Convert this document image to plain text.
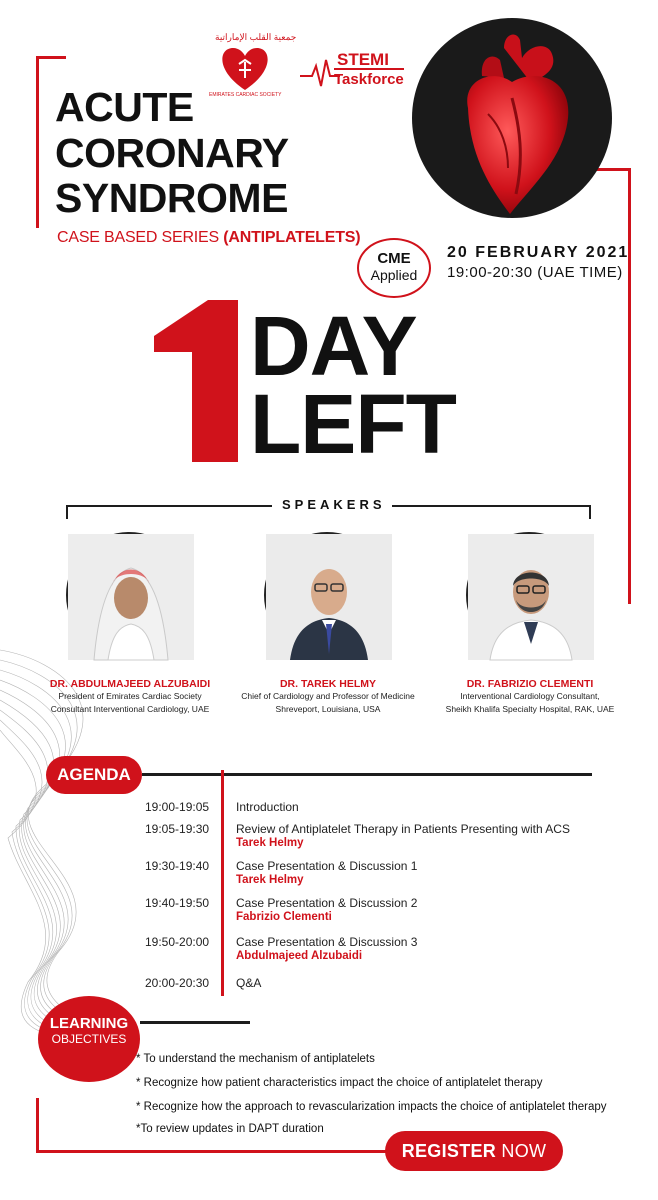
جمعية القلب الإماراتية
EMIRATES CARDIAC SOCIETY
STEMI
Taskforce
ACUTE
CORONARY
SYNDROME
CASE BASED SERIES (ANTIPLATELETS)
CME
Applied
20 FEBRUARY 2021
19:00-20:30 (UAE TIME)
DAY
LEFT
SPEAKERS
DR. ABDULMAJEED ALZUBAIDI
President of Emirates Cardiac Society
Consultant Interventional Cardiology, UAE
DR. TAREK HELMY
Chief of Cardiology and Professor of Medicine
Shreveport, Louisiana, USA
DR. FABRIZIO CLEMENTI
Interventional Cardiology Consultant,
Sheikh Khalifa Specialty Hospital, RAK, UAE
AGENDA
19:00-19:05 Introduction
19:05-19:30 Review of Antiplatelet Therapy in Patients Presenting with ACS
Tarek Helmy
19:30-19:40 Case Presentation & Discussion 1
Tarek Helmy
19:40-19:50 Case Presentation & Discussion 2
Fabrizio Clementi
19:50-20:00 Case Presentation & Discussion 3
Abdulmajeed Alzubaidi
20:00-20:30 Q&A
LEARNING
OBJECTIVES
* To understand the mechanism of antiplatelets
* Recognize how patient characteristics impact the choice of antiplatelet therapy
* Recognize how the approach to revascularization impacts the choice of antiplatelet therapy
*To review updates in DAPT duration
REGISTER NOW
